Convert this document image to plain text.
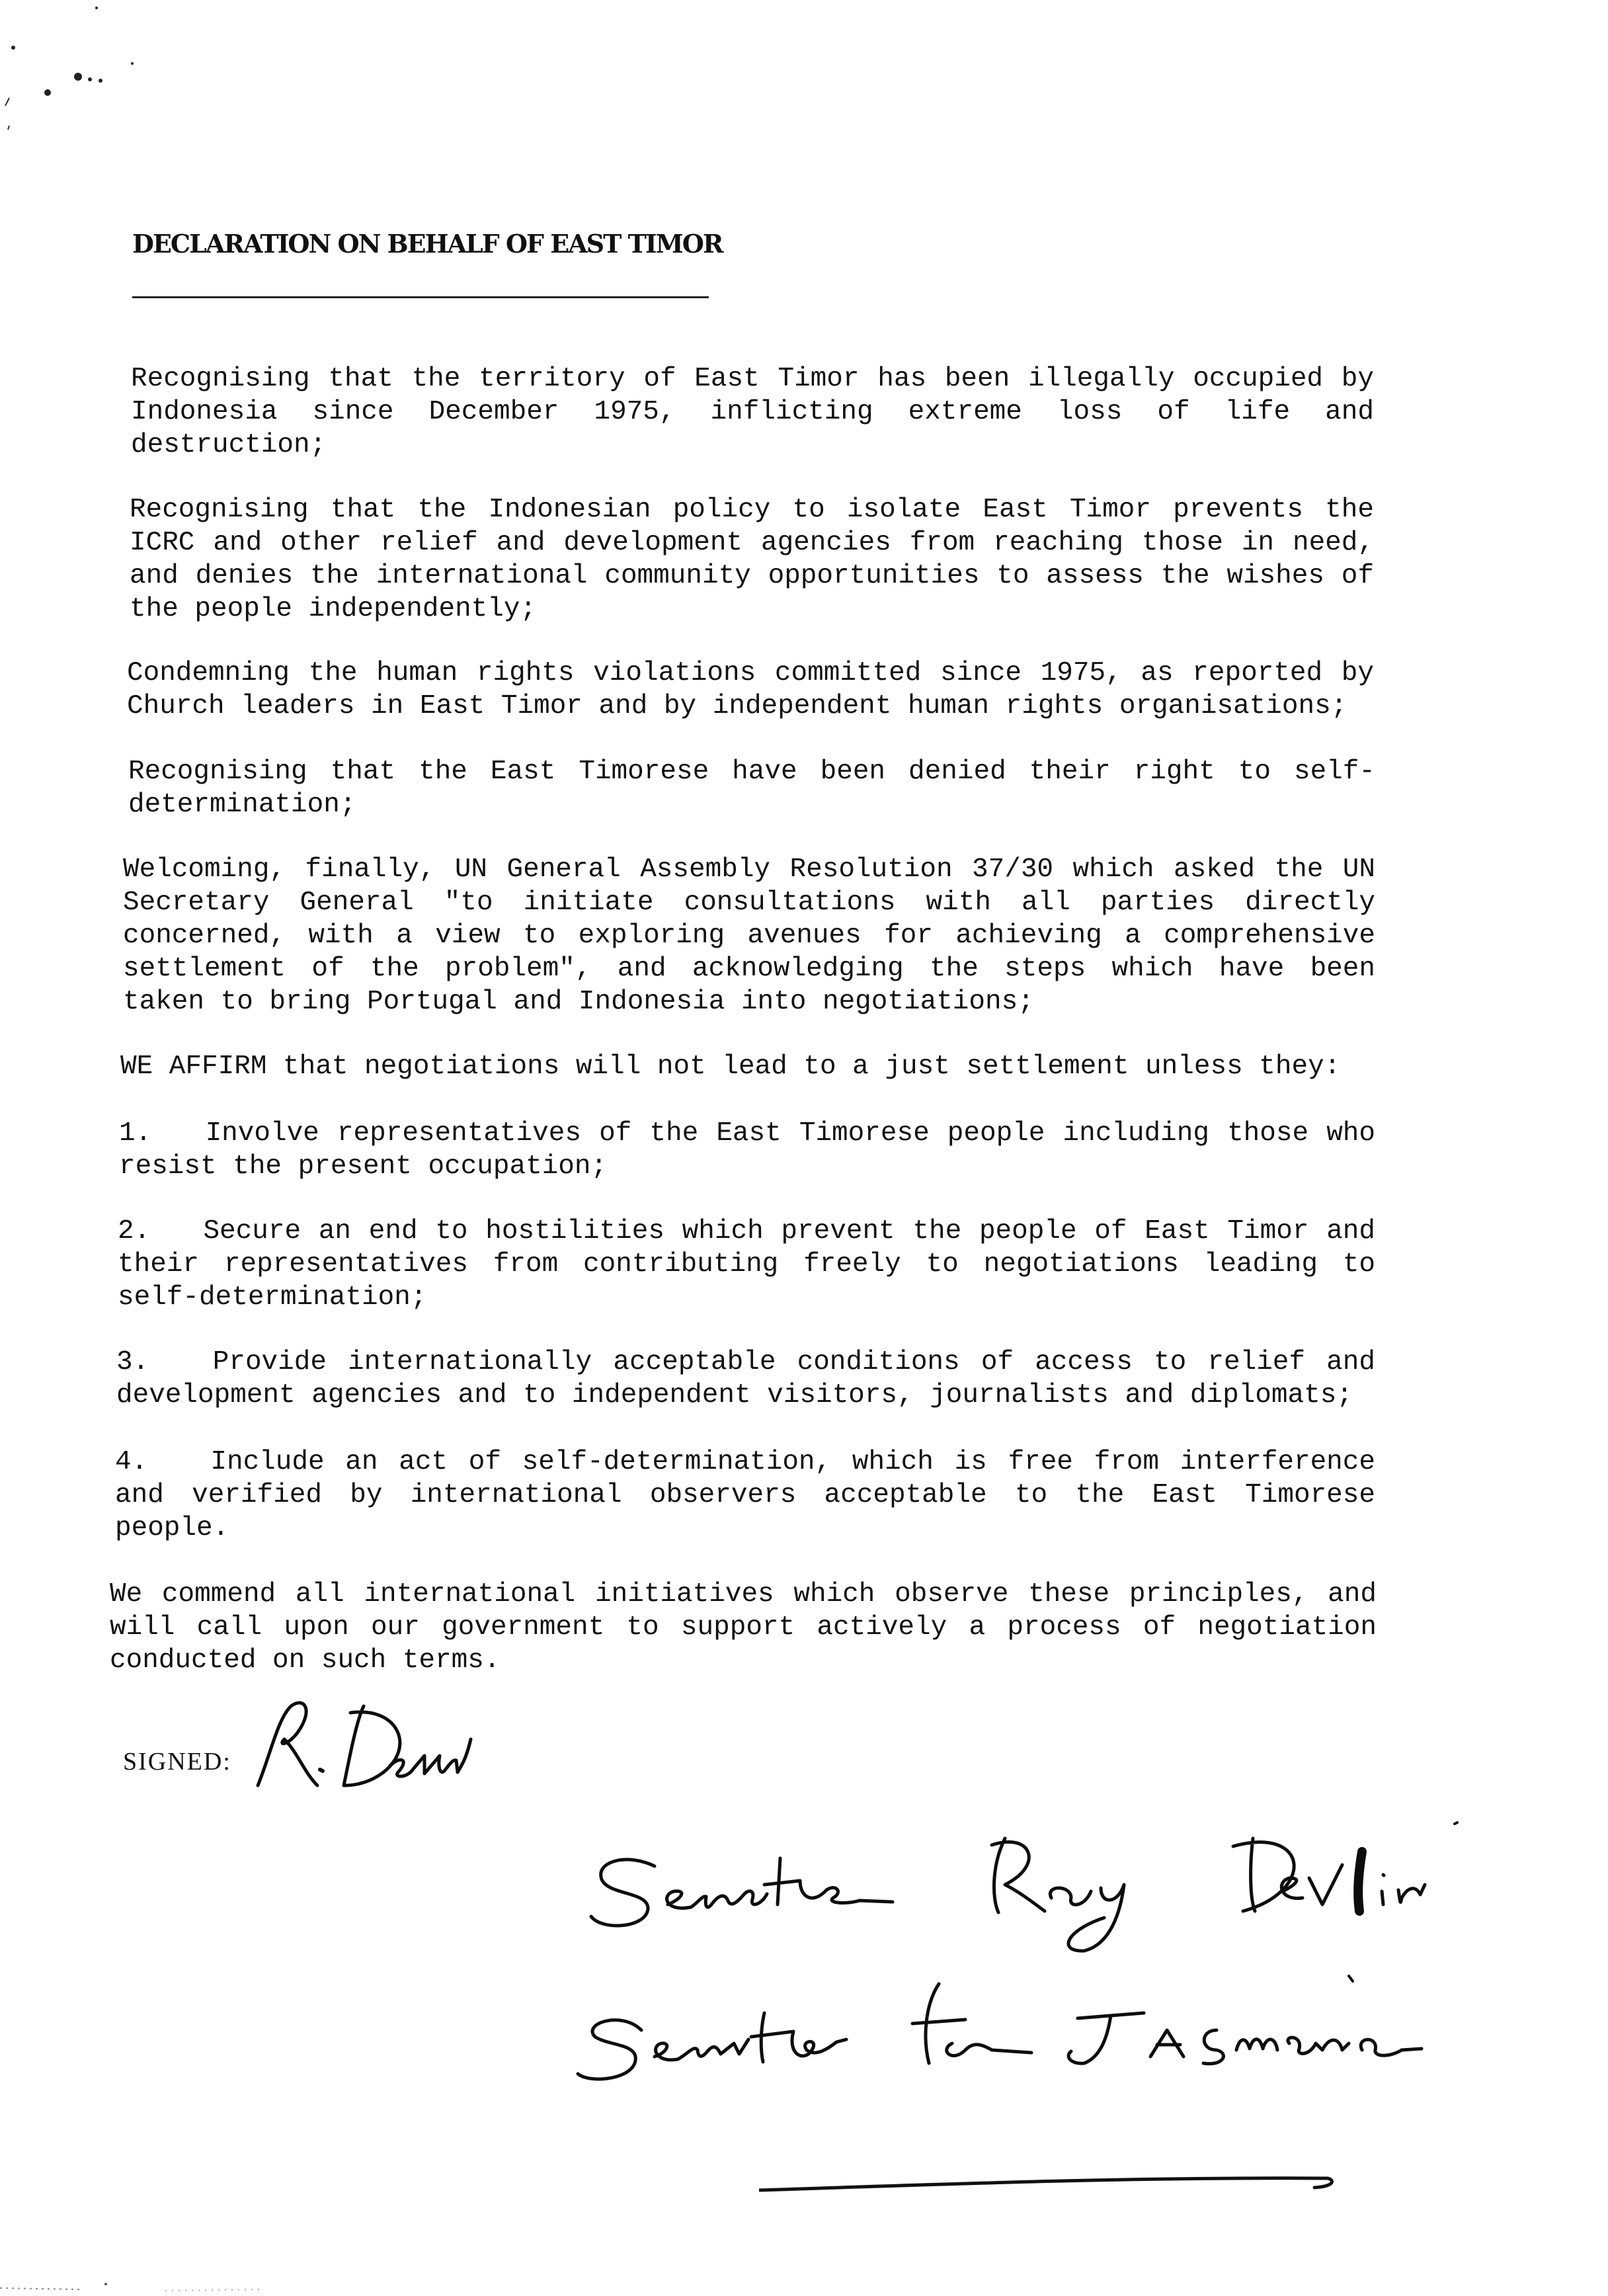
DECLARATION ON BEHALF OF EAST TIMOR

Recognising that the territory of East Timor has been illegally occupied by Indonesia since December 1975, inflicting extreme loss of life and destruction;

Recognising that the Indonesian policy to isolate East Timor prevents the ICRC and other relief and development agencies from reaching those in need, and denies the international community opportunities to assess the wishes of the people independently;

Condemning the human rights violations committed since 1975, as reported by Church leaders in East Timor and by independent human rights organisations;

Recognising that the East Timorese have been denied their right to self-determination;

Welcoming, finally, UN General Assembly Resolution 37/30 which asked the UN Secretary General "to initiate consultations with all parties directly concerned, with a view to exploring avenues for achieving a comprehensive settlement of the problem", and acknowledging the steps which have been taken to bring Portugal and Indonesia into negotiations;

WE AFFIRM that negotiations will not lead to a just settlement unless they:

1. Involve representatives of the East Timorese people including those who resist the present occupation;

2. Secure an end to hostilities which prevent the people of East Timor and their representatives from contributing freely to negotiations leading to self-determination;

3. Provide internationally acceptable conditions of access to relief and development agencies and to independent visitors, journalists and diplomats;

4. Include an act of self-determination, which is free from interference and verified by international observers acceptable to the East Timorese people.

We commend all international initiatives which observe these principles, and will call upon our government to support actively a process of negotiation conducted on such terms.

SIGNED:
